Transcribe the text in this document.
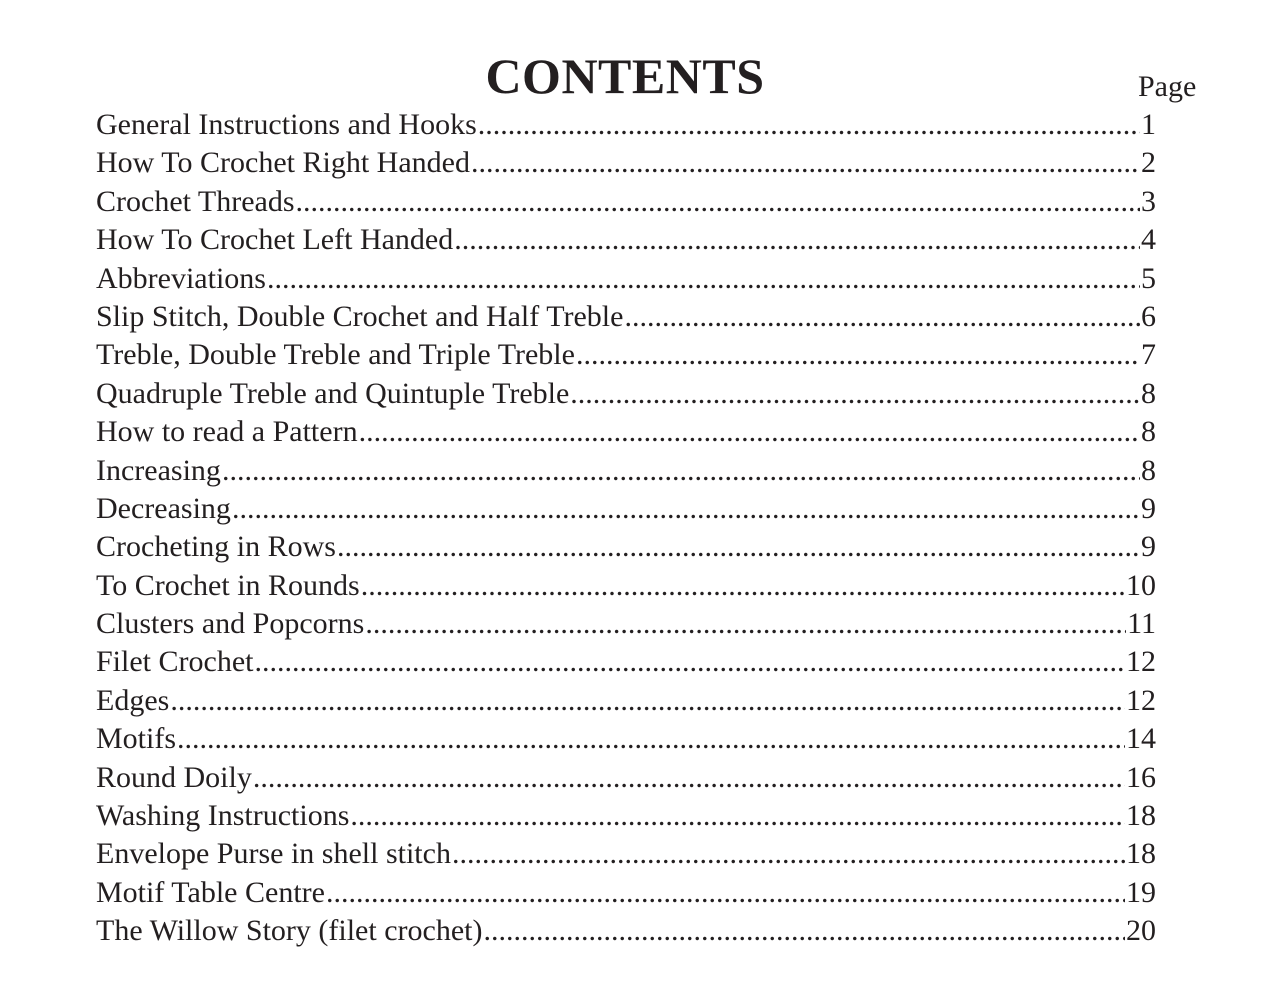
CONTENTS	Page
General Instructions and Hooks .....	1
How To Crochet Right Handed .....	2
Crochet Threads .....	3
How To Crochet Left Handed .....	4
Abbreviations .....	5
Slip Stitch, Double Crochet and Half Treble .....	6
Treble, Double Treble and Triple Treble .....	7
Quadruple Treble and Quintuple Treble .....	8
How to read a Pattern .....	8
Increasing .....	8
Decreasing .....	9
Crocheting in Rows .....	9
To Crochet in Rounds .....	10
Clusters and Popcorns .....	11
Filet Crochet .....	12
Edges .....	12
Motifs .....	14
Round Doily .....	16
Washing Instructions .....	18
Envelope Purse in shell stitch .....	18
Motif Table Centre .....	19
The Willow Story (filet crochet) .....	20
